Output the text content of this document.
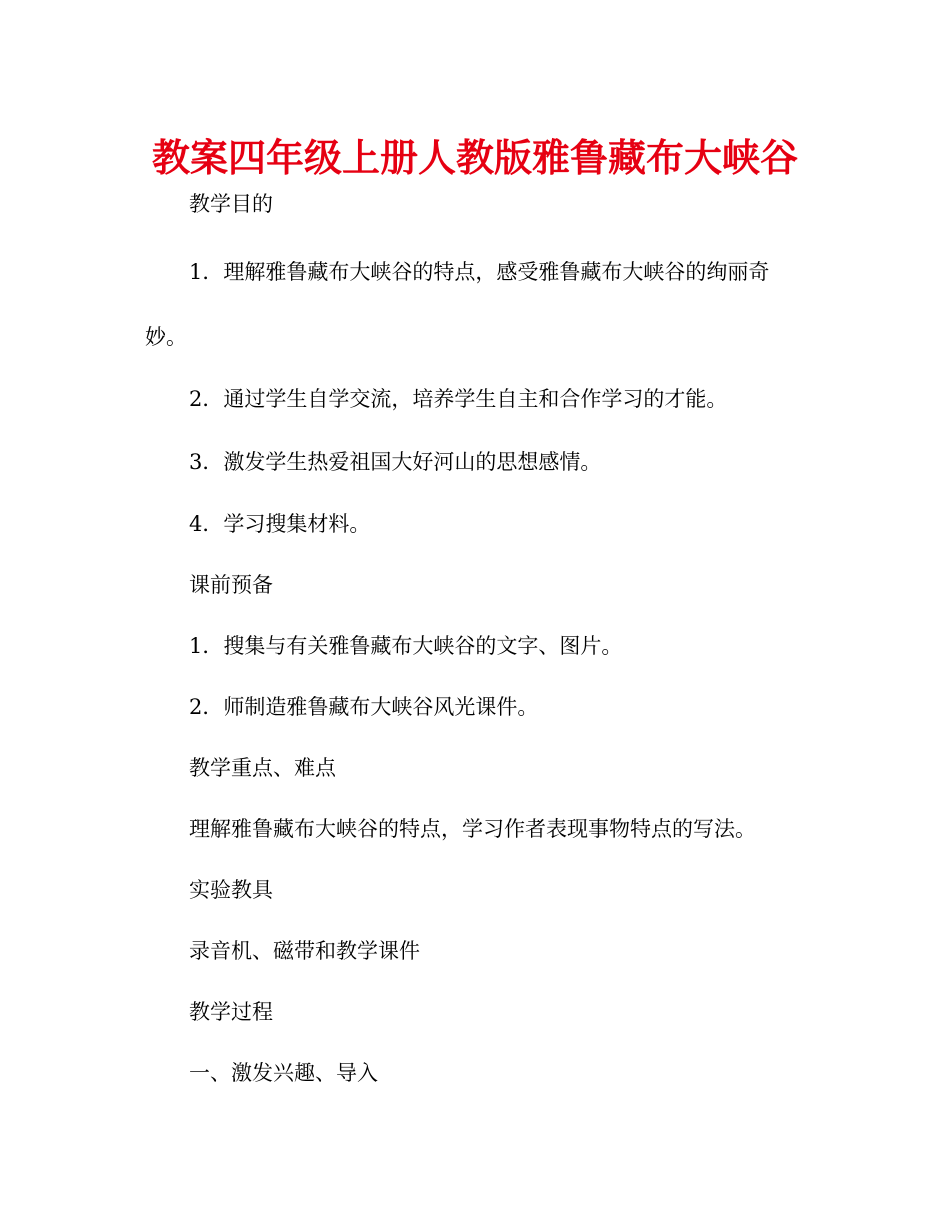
教案四年级上册人教版雅鲁藏布大峡谷
教学目的
1．理解雅鲁藏布大峡谷的特点，感受雅鲁藏布大峡谷的绚丽奇
妙。
2．通过学生自学交流，培养学生自主和合作学习的才能。
3．激发学生热爱祖国大好河山的思想感情。
4．学习搜集材料。
课前预备
1．搜集与有关雅鲁藏布大峡谷的文字、图片。
2．师制造雅鲁藏布大峡谷风光课件。
教学重点、难点
理解雅鲁藏布大峡谷的特点，学习作者表现事物特点的写法。
实验教具
录音机、磁带和教学课件
教学过程
一、激发兴趣、导入
